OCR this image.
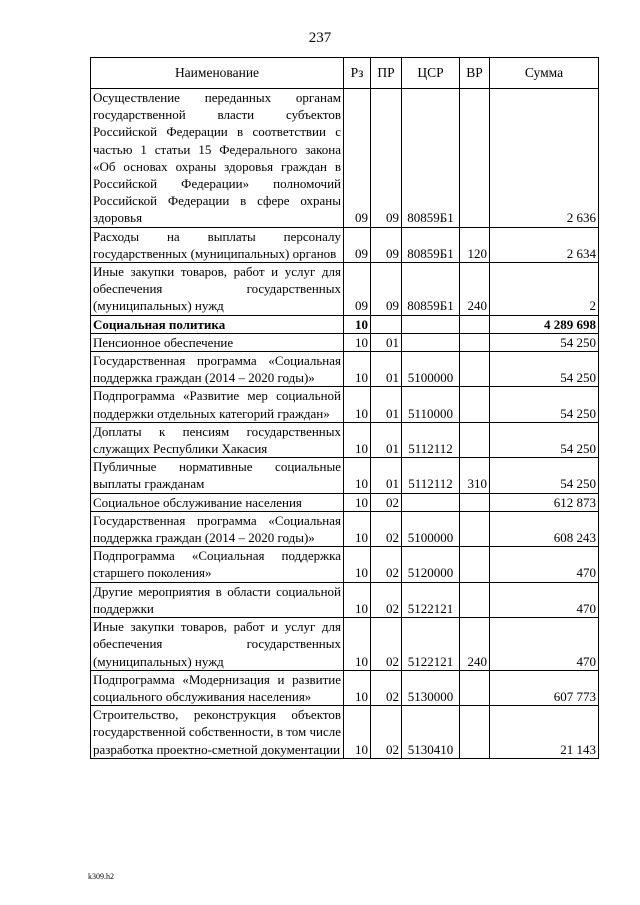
237
Наименование	Рз	ПР	ЦСР	ВР	Сумма
Осуществление переданных органам государственной власти субъектов Российской Федерации в соответствии с частью 1 статьи 15 Федерального закона «Об основах охраны здоровья граждан в Российской Федерации» полномочий Российской Федерации в сфере охраны здоровья	09	09	80859Б1		2 636
Расходы на выплаты персоналу государственных (муниципальных) органов	09	09	80859Б1	120	2 634
Иные закупки товаров, работ и услуг для обеспечения государственных (муниципальных) нужд	09	09	80859Б1	240	2
Социальная политика	10				4 289 698
Пенсионное обеспечение	10	01			54 250
Государственная программа «Социальная поддержка граждан (2014 – 2020 годы)»	10	01	5100000		54 250
Подпрограмма «Развитие мер социальной поддержки отдельных категорий граждан»	10	01	5110000		54 250
Доплаты к пенсиям государственных служащих Республики Хакасия	10	01	5112112		54 250
Публичные нормативные социальные выплаты гражданам	10	01	5112112	310	54 250
Социальное обслуживание населения	10	02			612 873
Государственная программа «Социальная поддержка граждан (2014 – 2020 годы)»	10	02	5100000		608 243
Подпрограмма «Социальная поддержка старшего поколения»	10	02	5120000		470
Другие мероприятия в области социальной поддержки	10	02	5122121		470
Иные закупки товаров, работ и услуг для обеспечения государственных (муниципальных) нужд	10	02	5122121	240	470
Подпрограмма «Модернизация и развитие социального обслуживания населения»	10	02	5130000		607 773
Строительство, реконструкция объектов государственной собственности, в том числе разработка проектно-сметной документации	10	02	5130410		21 143
k309.h2
